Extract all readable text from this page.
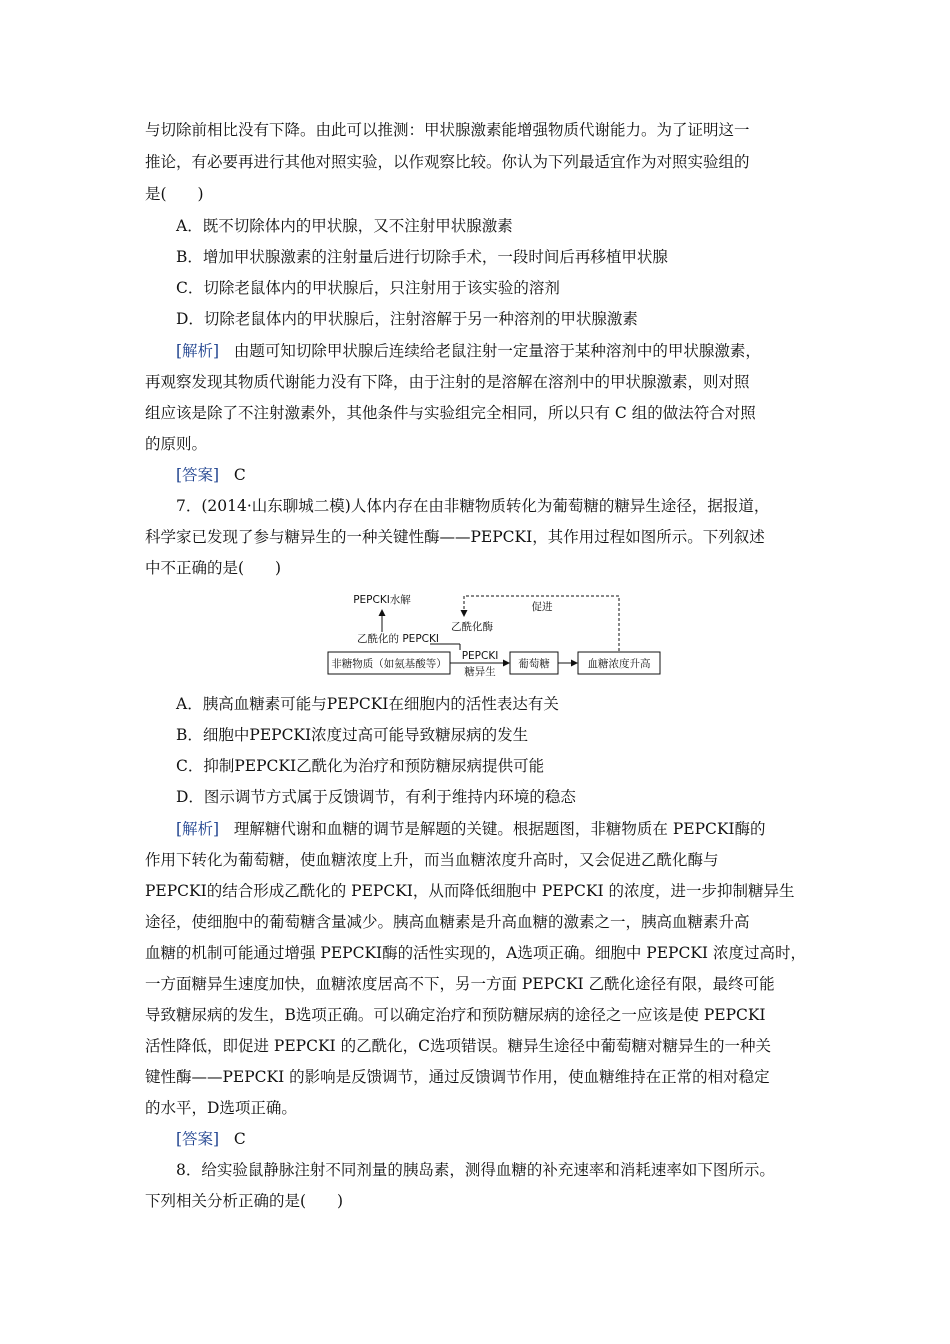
与切除前相比没有下降。由此可以推测：甲状腺激素能增强物质代谢能力。为了证明这一
推论，有必要再进行其他对照实验，以作观察比较。你认为下列最适宜作为对照实验组的
是(　　)
A．既不切除体内的甲状腺，又不注射甲状腺激素
B．增加甲状腺激素的注射量后进行切除手术，一段时间后再移植甲状腺
C．切除老鼠体内的甲状腺后，只注射用于该实验的溶剂
D．切除老鼠体内的甲状腺后，注射溶解于另一种溶剂的甲状腺激素
[解析] 由题可知切除甲状腺后连续给老鼠注射一定量溶于某种溶剂中的甲状腺激素，
再观察发现其物质代谢能力没有下降，由于注射的是溶解在溶剂中的甲状腺激素，则对照
组应该是除了不注射激素外，其他条件与实验组完全相同，所以只有 C 组的做法符合对照
的原则。
[答案] C
7．(2014·山东聊城二模)人体内存在由非糖物质转化为葡萄糖的糖异生途径，据报道，
科学家已发现了参与糖异生的一种关键性酶——PEPCKI，其作用过程如图所示。下列叙述
中不正确的是(　　)
非糖物质（如氨基酸等）	葡萄糖	血糖浓度升高
PEPCKI
糖异生
乙酰化的 PEPCKI
乙酰化酶
PEPCKI水解
促进
A．胰高血糖素可能与PEPCKI在细胞内的活性表达有关
B．细胞中PEPCKI浓度过高可能导致糖尿病的发生
C．抑制PEPCKI乙酰化为治疗和预防糖尿病提供可能
D．图示调节方式属于反馈调节，有利于维持内环境的稳态
[解析] 理解糖代谢和血糖的调节是解题的关键。根据题图，非糖物质在 PEPCKI酶的
作用下转化为葡萄糖，使血糖浓度上升，而当血糖浓度升高时，又会促进乙酰化酶与
PEPCKI的结合形成乙酰化的 PEPCKI，从而降低细胞中 PEPCKI 的浓度，进一步抑制糖异生
途径，使细胞中的葡萄糖含量减少。胰高血糖素是升高血糖的激素之一，胰高血糖素升高
血糖的机制可能通过增强 PEPCKI酶的活性实现的，A选项正确。细胞中 PEPCKI 浓度过高时，
一方面糖异生速度加快，血糖浓度居高不下，另一方面 PEPCKI 乙酰化途径有限，最终可能
导致糖尿病的发生，B选项正确。可以确定治疗和预防糖尿病的途径之一应该是使 PEPCKI
活性降低，即促进 PEPCKI 的乙酰化，C选项错误。糖异生途径中葡萄糖对糖异生的一种关
键性酶——PEPCKI 的影响是反馈调节，通过反馈调节作用，使血糖维持在正常的相对稳定
的水平，D选项正确。
[答案] C
8．给实验鼠静脉注射不同剂量的胰岛素，测得血糖的补充速率和消耗速率如下图所示。
下列相关分析正确的是(　　)
